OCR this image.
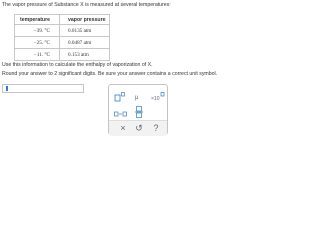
The vapor pressure of Substance X is measured at several temperatures:
temperature	vapor pressure
−39. °C	0.0135 atm
−25. °C	0.0487 atm
−11. °C	0.153 atm
Use this information to calculate the enthalpy of vaporization of X.
Round your answer to 2 significant digits. Be sure your answer contains a correct unit symbol.
μ	×10
×	↺	?
